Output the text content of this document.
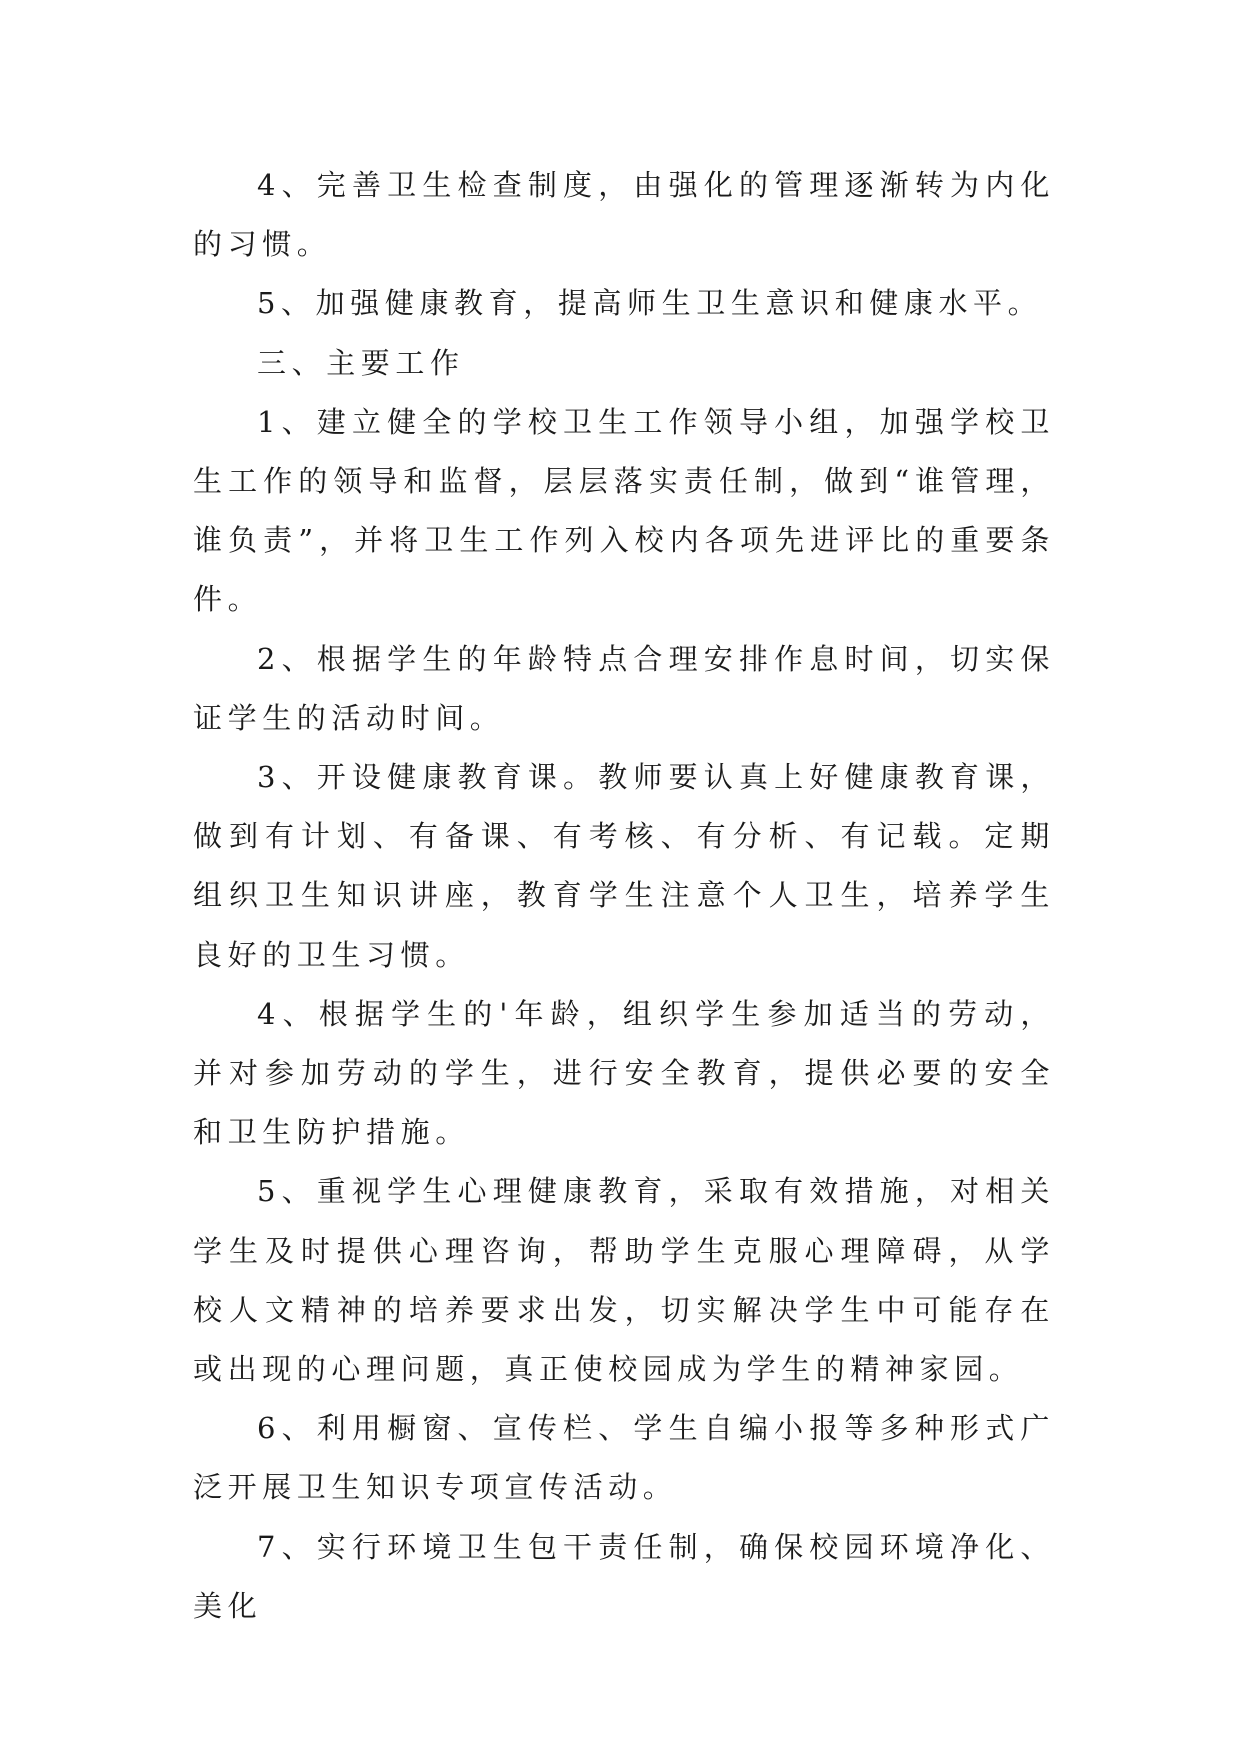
4、完善卫生检查制度，由强化的管理逐渐转为内化的习惯。

5、加强健康教育，提高师生卫生意识和健康水平。

三、主要工作

1、建立健全的学校卫生工作领导小组，加强学校卫生工作的领导和监督，层层落实责任制，做到“谁管理，谁负责”，并将卫生工作列入校内各项先进评比的重要条件。

2、根据学生的年龄特点合理安排作息时间，切实保证学生的活动时间。

3、开设健康教育课。教师要认真上好健康教育课，做到有计划、有备课、有考核、有分析、有记载。定期组织卫生知识讲座，教育学生注意个人卫生，培养学生良好的卫生习惯。

4、根据学生的'年龄，组织学生参加适当的劳动，并对参加劳动的学生，进行安全教育，提供必要的安全和卫生防护措施。

5、重视学生心理健康教育，采取有效措施，对相关学生及时提供心理咨询，帮助学生克服心理障碍，从学校人文精神的培养要求出发，切实解决学生中可能存在或出现的心理问题，真正使校园成为学生的精神家园。

6、利用橱窗、宣传栏、学生自编小报等多种形式广泛开展卫生知识专项宣传活动。

7、实行环境卫生包干责任制，确保校园环境净化、美化
